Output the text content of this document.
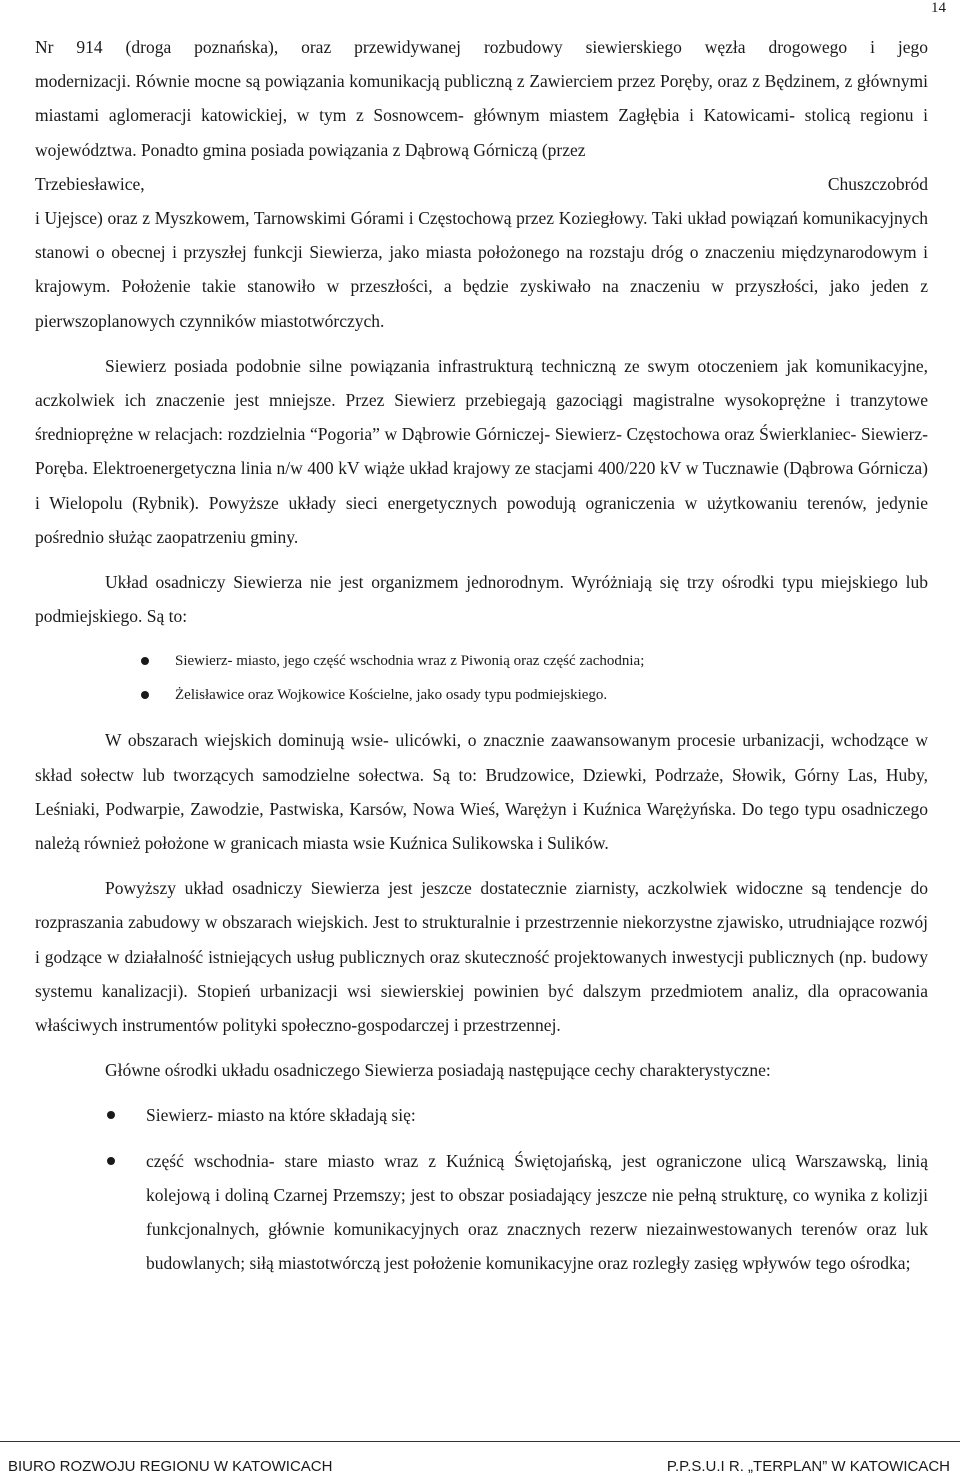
14

Nr 914 (droga poznańska), oraz przewidywanej rozbudowy siewierskiego węzła drogowego i jego

modernizacji. Równie mocne są powiązania komunikacją publiczną z Zawierciem przez Poręby, oraz z Będzinem, z głównymi miastami aglomeracji katowickiej, w tym z Sosnowcem- głównym miastem Zagłębia i Katowicami- stolicą regionu i województwa. Ponadto gmina posiada powiązania z Dąbrową Górniczą (przez

Trzebiesławice, Chuszczobród

i Ujejsce) oraz z Myszkowem, Tarnowskimi Górami i Częstochową przez Koziegłowy. Taki układ powiązań komunikacyjnych stanowi o obecnej i przyszłej funkcji Siewierza, jako miasta położonego na rozstaju dróg o znaczeniu międzynarodowym i krajowym. Położenie takie stanowiło w przeszłości, a będzie zyskiwało na znaczeniu w przyszłości, jako jeden z pierwszoplanowych czynników miastotwórczych.

Siewierz posiada podobnie silne powiązania infrastrukturą techniczną ze swym otoczeniem jak komunikacyjne, aczkolwiek ich znaczenie jest mniejsze. Przez Siewierz przebiegają gazociągi magistralne wysokoprężne i tranzytowe średnioprężne w relacjach: rozdzielnia “Pogoria” w Dąbrowie Górniczej- Siewierz- Częstochowa oraz Świerklaniec- Siewierz- Poręba. Elektroenergetyczna linia n/w 400 kV wiąże układ krajowy ze stacjami 400/220 kV w Tucznawie (Dąbrowa Górnicza) i Wielopolu (Rybnik). Powyższe układy sieci energetycznych powodują ograniczenia w użytkowaniu terenów, jedynie pośrednio służąc zaopatrzeniu gminy.

Układ osadniczy Siewierza nie jest organizmem jednorodnym. Wyróżniają się trzy ośrodki typu miejskiego lub podmiejskiego. Są to:

Siewierz- miasto, jego część wschodnia wraz z Piwonią oraz część zachodnia;
Żelisławice oraz Wojkowice Kościelne, jako osady typu podmiejskiego.

W obszarach wiejskich dominują wsie- ulicówki, o znacznie zaawansowanym procesie urbanizacji, wchodzące w skład sołectw lub tworzących samodzielne sołectwa. Są to: Brudzowice, Dziewki, Podrzaże, Słowik, Górny Las, Huby, Leśniaki, Podwarpie, Zawodzie, Pastwiska, Karsów, Nowa Wieś, Warężyn i Kuźnica Warężyńska. Do tego typu osadniczego należą również położone w granicach miasta wsie Kuźnica Sulikowska i Sulików.

Powyższy układ osadniczy Siewierza jest jeszcze dostatecznie ziarnisty, aczkolwiek widoczne są tendencje do rozpraszania zabudowy w obszarach wiejskich. Jest to strukturalnie i przestrzennie niekorzystne zjawisko, utrudniające rozwój i godzące w działalność istniejących usług publicznych oraz skuteczność projektowanych inwestycji publicznych (np. budowy systemu kanalizacji). Stopień urbanizacji wsi siewierskiej powinien być dalszym przedmiotem analiz, dla opracowania właściwych instrumentów polityki społeczno-gospodarczej i przestrzennej.

Główne ośrodki układu osadniczego Siewierza posiadają następujące cechy charakterystyczne:

Siewierz- miasto na które składają się:
część wschodnia- stare miasto wraz z Kuźnicą Świętojańską, jest ograniczone ulicą Warszawską, linią kolejową i doliną Czarnej Przemszy; jest to obszar posiadający jeszcze nie pełną strukturę, co wynika z kolizji funkcjonalnych, głównie komunikacyjnych oraz znacznych rezerw niezainwestowanych terenów oraz luk budowlanych; siłą miastotwórczą jest położenie komunikacyjne oraz rozległy zasięg wpływów tego ośrodka;
BIURO ROZWOJU REGIONU W KATOWICACH	P.P.S.U.I R. „TERPLAN” W KATOWICACH
